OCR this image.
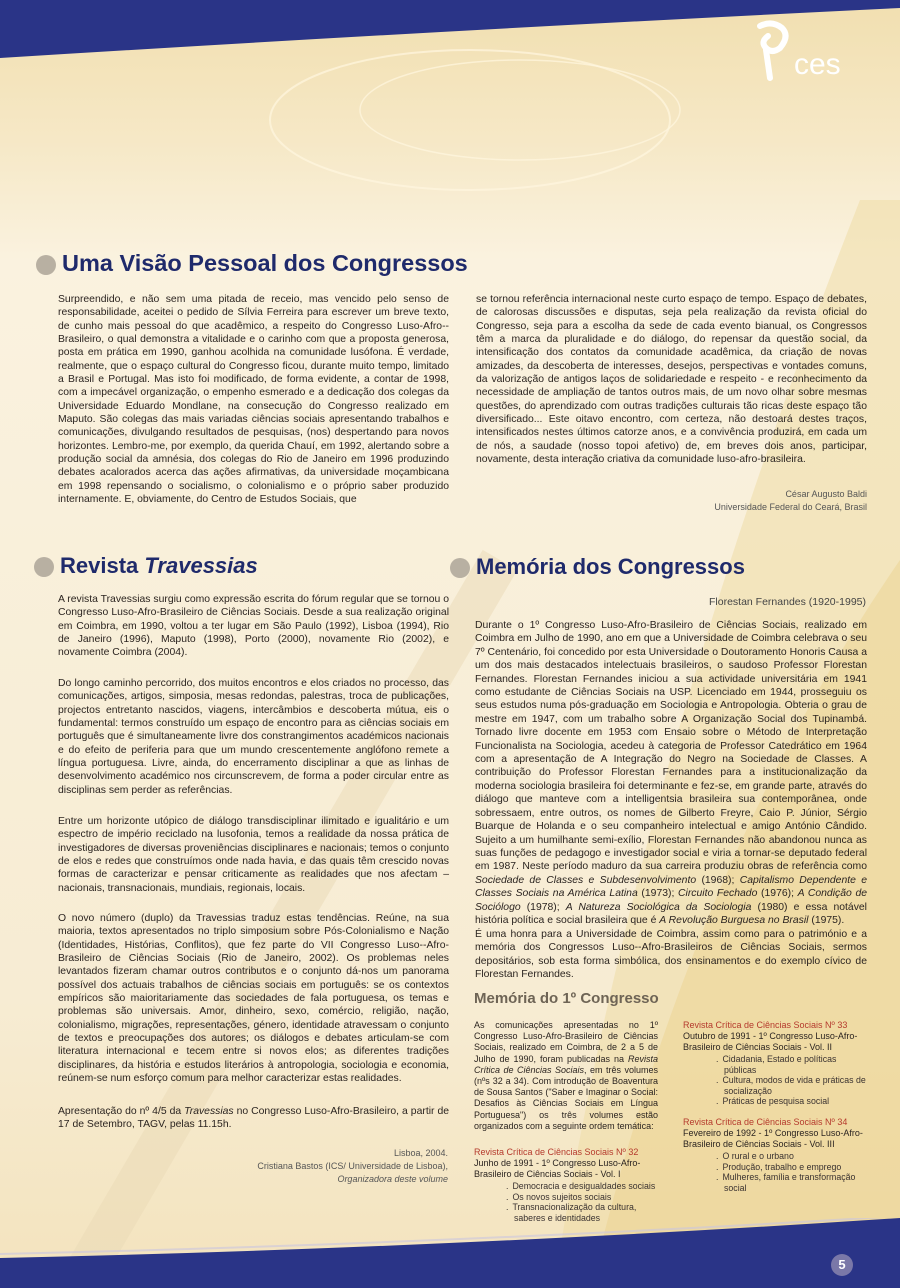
ces
Uma Visão Pessoal dos Congressos

Surpreendido, e não sem uma pitada de receio, mas vencido pelo senso de responsabilidade, aceitei o pedido de Sílvia Ferreira para escrever um breve texto, de cunho mais pessoal do que acadêmico, a respeito do Congresso Luso-Afro--Brasileiro, o qual demonstra a vitalidade e o carinho com que a proposta generosa, posta em prática em 1990, ganhou acolhida na comunidade lusófona. É verdade, realmente, que o espaço cultural do Congresso ficou, durante muito tempo, limitado a Brasil e Portugal. Mas isto foi modificado, de forma evidente, a contar de 1998, com a impecável organização, o empenho esmerado e a dedicação dos colegas da Universidade Eduardo Mondlane, na consecução do Congresso realizado em Maputo. São colegas das mais variadas ciências sociais apresentando trabalhos e comunicações, divulgando resultados de pesquisas, (nos) despertando para novos horizontes. Lembro-me, por exemplo, da querida Chauí, em 1992, alertando sobre a produção social da amnésia, dos colegas do Rio de Janeiro em 1996 produzindo debates acalorados acerca das ações afirmativas, da universidade moçambicana em 1998 repensando o socialismo, o colonialismo e o próprio saber produzido internamente. E, obviamente, do Centro de Estudos Sociais, que

se tornou referência internacional neste curto espaço de tempo. Espaço de debates, de calorosas discussões e disputas, seja pela realização da revista oficial do Congresso, seja para a escolha da sede de cada evento bianual, os Congressos têm a marca da pluralidade e do diálogo, do repensar da questão social, da intensificação dos contatos da comunidade acadêmica, da criação de novas amizades, da descoberta de interesses, desejos, perspectivas e vontades comuns, da valorização de antigos laços de solidariedade e respeito - e reconhecimento da necessidade de ampliação de tantos outros mais, de um novo olhar sobre mesmas questões, do aprendizado com outras tradições culturais tão ricas deste espaço tão diversificado... Este oitavo encontro, com certeza, não destoará destes traços, intensificados nestes últimos catorze anos, e a convivência produzirá, em cada um de nós, a saudade (nosso topoi afetivo) de, em breves dois anos, participar, novamente, desta interação criativa da comunidade luso-afro-brasileira.

César Augusto Baldi
Universidade Federal do Ceará, Brasil
Revista Travessias

A revista Travessias surgiu como expressão escrita do fórum regular que se tornou o Congresso Luso-Afro-Brasileiro de Ciências Sociais. Desde a sua realização original em Coimbra, em 1990, voltou a ter lugar em São Paulo (1992), Lisboa (1994), Rio de Janeiro (1996), Maputo (1998), Porto (2000), novamente Rio (2002), e novamente Coimbra (2004).

Do longo caminho percorrido, dos muitos encontros e elos criados no processo, das comunicações, artigos, simposia, mesas redondas, palestras, troca de publicações, projectos entretanto nascidos, viagens, intercâmbios e descoberta mútua, eis o fundamental: termos construído um espaço de encontro para as ciências sociais em português que é simultaneamente livre dos constrangimentos académicos nacionais e do efeito de periferia para que um mundo crescentemente anglófono remete a língua portuguesa. Livre, ainda, do encerramento disciplinar a que as linhas de desenvolvimento académico nos circunscrevem, de forma a poder circular entre as disciplinas sem perder as referências.

Entre um horizonte utópico de diálogo transdisciplinar ilimitado e igualitário e um espectro de império reciclado na lusofonia, temos a realidade da nossa prática de investigadores de diversas proveniências disciplinares e nacionais; temos o conjunto de elos e redes que construímos onde nada havia, e das quais têm crescido novas formas de caracterizar e pensar criticamente as realidades que nos afectam – nacionais, transnacionais, mundiais, regionais, locais.

O novo número (duplo) da Travessias traduz estas tendências. Reúne, na sua maioria, textos apresentados no triplo simposium sobre Pós-Colonialismo e Nação (Identidades, Histórias, Conflitos), que fez parte do VII Congresso Luso--Afro-Brasileiro de Ciências Sociais (Rio de Janeiro, 2002). Os problemas neles levantados fizeram chamar outros contributos e o conjunto dá-nos um panorama possível dos actuais trabalhos de ciências sociais em português: se os contextos empíricos são maioritariamente das sociedades de fala portuguesa, os temas e problemas são universais. Amor, dinheiro, sexo, comércio, religião, nação, colonialismo, migrações, representações, género, identidade atravessam o conjunto de textos e preocupações dos autores; os diálogos e debates articulam-se com literatura internacional e tecem entre si novos elos; as diferentes tradições disciplinares, da história e estudos literários à antropologia, sociologia e economia, reúnem-se num esforço comum para melhor caracterizar estas realidades.

Apresentação do nº 4/5 da Travessias no Congresso Luso-Afro-Brasileiro, a partir de 17 de Setembro, TAGV, pelas 11.15h.

Lisboa, 2004.
Cristiana Bastos (ICS/ Universidade de Lisboa),
Organizadora deste volume
Memória dos Congressos
Florestan Fernandes (1920-1995)

Durante o 1º Congresso Luso-Afro-Brasileiro de Ciências Sociais, realizado em Coimbra em Julho de 1990, ano em que a Universidade de Coimbra celebrava o seu 7º Centenário, foi concedido por esta Universidade o Doutoramento Honoris Causa a um dos mais destacados intelectuais brasileiros, o saudoso Professor Florestan Fernandes. Florestan Fernandes iniciou a sua actividade universitária em 1941 como estudante de Ciências Sociais na USP. Licenciado em 1944, prosseguiu os seus estudos numa pós-graduação em Sociologia e Antropologia. Obteria o grau de mestre em 1947, com um trabalho sobre A Organização Social dos Tupinambá. Tornado livre docente em 1953 com Ensaio sobre o Método de Interpretação Funcionalista na Sociologia, acedeu à categoria de Professor Catedrático em 1964 com a apresentação de A Integração do Negro na Sociedade de Classes. A contribuição do Professor Florestan Fernandes para a institucionalização da moderna sociologia brasileira foi determinante e fez-se, em grande parte, através do diálogo que manteve com a intelligentsia brasileira sua contemporânea, onde sobressaem, entre outros, os nomes de Gilberto Freyre, Caio P. Júnior, Sérgio Buarque de Holanda e o seu companheiro intelectual e amigo António Cândido. Sujeito a um humilhante semi-exílio, Florestan Fernandes não abandonou nunca as suas funções de pedagogo e investigador social e viria a tornar-se deputado federal em 1987. Neste período maduro da sua carreira produziu obras de referência como Sociedade de Classes e Subdesenvolvimento (1968); Capitalismo Dependente e Classes Sociais na América Latina (1973); Circuito Fechado (1976); A Condição de Sociólogo (1978); A Natureza Sociológica da Sociologia (1980) e essa notável história política e social brasileira que é A Revolução Burguesa no Brasil (1975).

É uma honra para a Universidade de Coimbra, assim como para o património e a memória dos Congressos Luso--Afro-Brasileiros de Ciências Sociais, sermos depositários, sob esta forma simbólica, dos ensinamentos e do exemplo cívico de Florestan Fernandes.

Memória do 1º Congresso

As comunicações apresentadas no 1º Congresso Luso-Afro-Brasileiro de Ciências Sociais, realizado em Coimbra, de 2 a 5 de Julho de 1990, foram publicadas na Revista Crítica de Ciências Sociais, em três volumes (nºs 32 a 34). Com introdução de Boaventura de Sousa Santos ("Saber e Imaginar o Social: Desafios às Ciências Sociais em Língua Portuguesa") os três volumes estão organizados com a seguinte ordem temática:

Revista Crítica de Ciências Sociais Nº 32
Junho de 1991 - 1º Congresso Luso-Afro-Brasileiro de Ciências Sociais - Vol. I
. Democracia e desigualdades sociais
. Os novos sujeitos sociais
. Transnacionalização da cultura, saberes e identidades
Revista Crítica de Ciências Sociais Nº 33
Outubro de 1991 - 1º Congresso Luso-Afro-Brasileiro de Ciências Sociais - Vol. II
. Cidadania, Estado e políticas públicas
. Cultura, modos de vida e práticas de socialização
. Práticas de pesquisa social
Revista Crítica de Ciências Sociais Nº 34
Fevereiro de 1992 - 1º Congresso Luso-Afro-Brasileiro de Ciências Sociais - Vol. III
. O rural e o urbano
. Produção, trabalho e emprego
. Mulheres, família e transformação social
5
